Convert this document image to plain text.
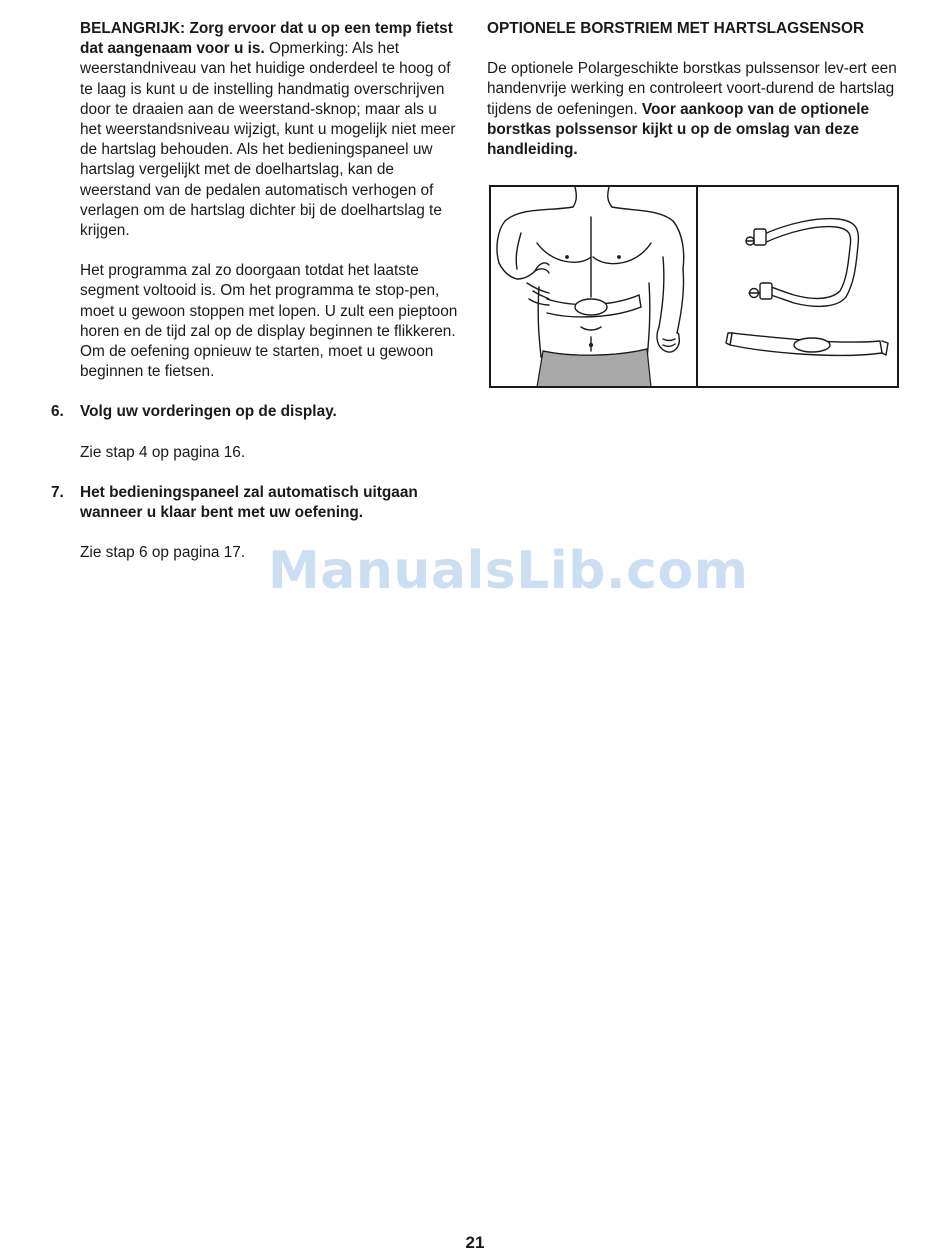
BELANGRIJK: Zorg ervoor dat u op een temp fietst dat aangenaam voor u is. Opmerking: Als het weerstandniveau van het huidige onderdeel te hoog of te laag is kunt u de instelling handmatig overschrijven door te draaien aan de weerstand-sknop; maar als u het weerstandsniveau wijzigt, kunt u mogelijk niet meer de hartslag behouden. Als het bedieningspaneel uw hartslag vergelijkt met de doelhartslag, kan de weerstand van de pedalen automatisch verhogen of verlagen om de hartslag dichter bij de doelhartslag te krijgen.

Het programma zal zo doorgaan totdat het laatste segment voltooid is. Om het programma te stop-pen, moet u gewoon stoppen met lopen. U zult een pieptoon horen en de tijd zal op de display beginnen te flikkeren. Om de oefening opnieuw te starten, moet u gewoon beginnen te fietsen.

6. Volg uw vorderingen op de display.

Zie stap 4 op pagina 16.

7. Het bedieningspaneel zal automatisch uitgaan wanneer u klaar bent met uw oefening.

Zie stap 6 op pagina 17.

OPTIONELE BORSTRIEM MET HARTSLAGSENSOR

De optionele Polargeschikte borstkas pulssensor lev-ert een handenvrije werking en controleert voort-durend de hartslag tijdens de oefeningen. Voor aankoop van de optionele borstkas polssensor kijkt u op de omslag van deze handleiding.

ManualsLib.com
21
